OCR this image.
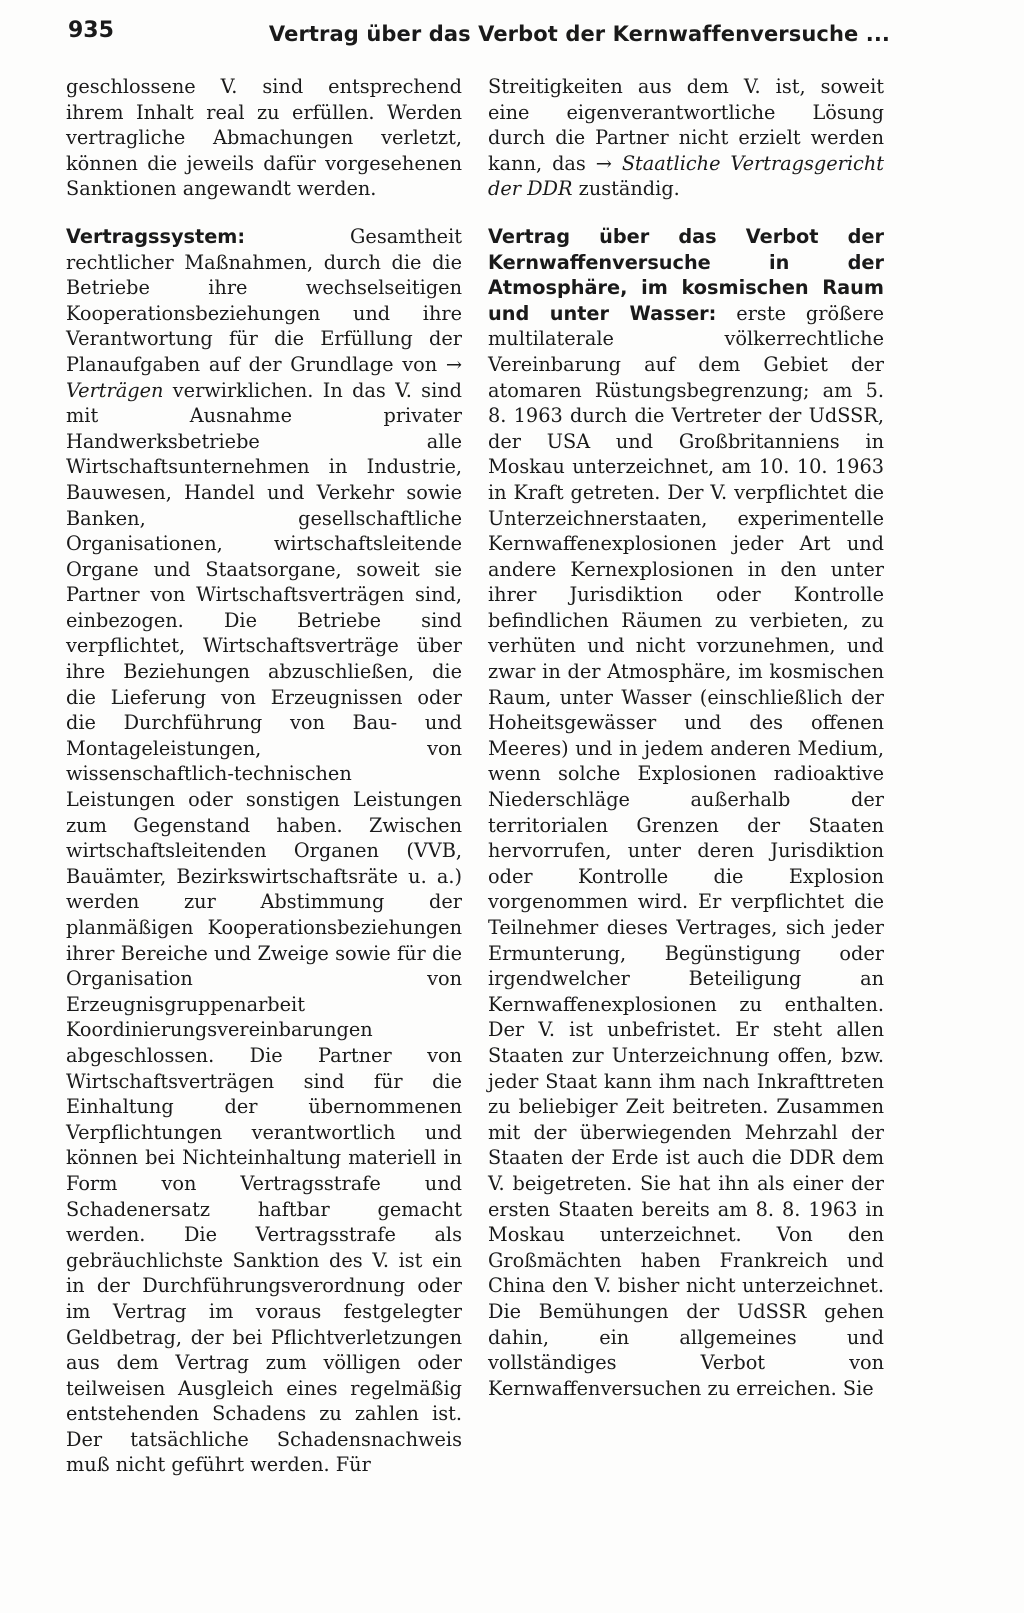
935	Vertrag über das Verbot der Kernwaffenversuche ...

geschlossene V. sind entsprechend ihrem Inhalt real zu erfüllen. Werden vertragliche Abmachungen verletzt, können die jeweils dafür vorgesehenen Sanktionen angewandt werden.

Vertragssystem: Gesamtheit rechtlicher Maßnahmen, durch die die Betriebe ihre wechselseitigen Kooperationsbeziehungen und ihre Verantwortung für die Erfüllung der Planaufgaben auf der Grundlage von → Verträgen verwirklichen. In das V. sind mit Ausnahme privater Handwerksbetriebe alle Wirtschaftsunternehmen in Industrie, Bauwesen, Handel und Verkehr sowie Banken, gesellschaftliche Organisationen, wirtschaftsleitende Organe und Staatsorgane, soweit sie Partner von Wirtschaftsverträgen sind, einbezogen. Die Betriebe sind verpflichtet, Wirtschaftsverträge über ihre Beziehungen abzuschließen, die die Lieferung von Erzeugnissen oder die Durchführung von Bau- und Montageleistungen, von wissenschaftlich-technischen Leistungen oder sonstigen Leistungen zum Gegenstand haben. Zwischen wirtschaftsleitenden Organen (VVB, Bauämter, Bezirkswirtschaftsräte u. a.) werden zur Abstimmung der planmäßigen Kooperationsbeziehungen ihrer Bereiche und Zweige sowie für die Organisation von Erzeugnisgruppenarbeit Koordinierungsvereinbarungen abgeschlossen. Die Partner von Wirtschaftsverträgen sind für die Einhaltung der übernommenen Verpflichtungen verantwortlich und können bei Nichteinhaltung materiell in Form von Vertragsstrafe und Schadenersatz haftbar gemacht werden. Die Vertragsstrafe als gebräuchlichste Sanktion des V. ist ein in der Durchführungsverordnung oder im Vertrag im voraus festgelegter Geldbetrag, der bei Pflichtverletzungen aus dem Vertrag zum völligen oder teilweisen Ausgleich eines regelmäßig entstehenden Schadens zu zahlen ist. Der tatsächliche Schadensnachweis muß nicht geführt werden. Für

Streitigkeiten aus dem V. ist, soweit eine eigenverantwortliche Lösung durch die Partner nicht erzielt werden kann, das → Staatliche Vertragsgericht der DDR zuständig.

Vertrag über das Verbot der Kernwaffenversuche in der Atmosphäre, im kosmischen Raum und unter Wasser: erste größere multilaterale völkerrechtliche Vereinbarung auf dem Gebiet der atomaren Rüstungsbegrenzung; am 5. 8. 1963 durch die Vertreter der UdSSR, der USA und Großbritanniens in Moskau unterzeichnet, am 10. 10. 1963 in Kraft getreten. Der V. verpflichtet die Unterzeichnerstaaten, experimentelle Kernwaffenexplosionen jeder Art und andere Kernexplosionen in den unter ihrer Jurisdiktion oder Kontrolle befindlichen Räumen zu verbieten, zu verhüten und nicht vorzunehmen, und zwar in der Atmosphäre, im kosmischen Raum, unter Wasser (einschließlich der Hoheitsgewässer und des offenen Meeres) und in jedem anderen Medium, wenn solche Explosionen radioaktive Niederschläge außerhalb der territorialen Grenzen der Staaten hervorrufen, unter deren Jurisdiktion oder Kontrolle die Explosion vorgenommen wird. Er verpflichtet die Teilnehmer dieses Vertrages, sich jeder Ermunterung, Begünstigung oder irgendwelcher Beteiligung an Kernwaffenexplosionen zu enthalten. Der V. ist unbefristet. Er steht allen Staaten zur Unterzeichnung offen, bzw. jeder Staat kann ihm nach Inkrafttreten zu beliebiger Zeit beitreten. Zusammen mit der überwiegenden Mehrzahl der Staaten der Erde ist auch die DDR dem V. beigetreten. Sie hat ihn als einer der ersten Staaten bereits am 8. 8. 1963 in Moskau unterzeichnet. Von den Großmächten haben Frankreich und China den V. bisher nicht unterzeichnet. Die Bemühungen der UdSSR gehen dahin, ein allgemeines und vollständiges Verbot von Kernwaffenversuchen zu erreichen. Sie
